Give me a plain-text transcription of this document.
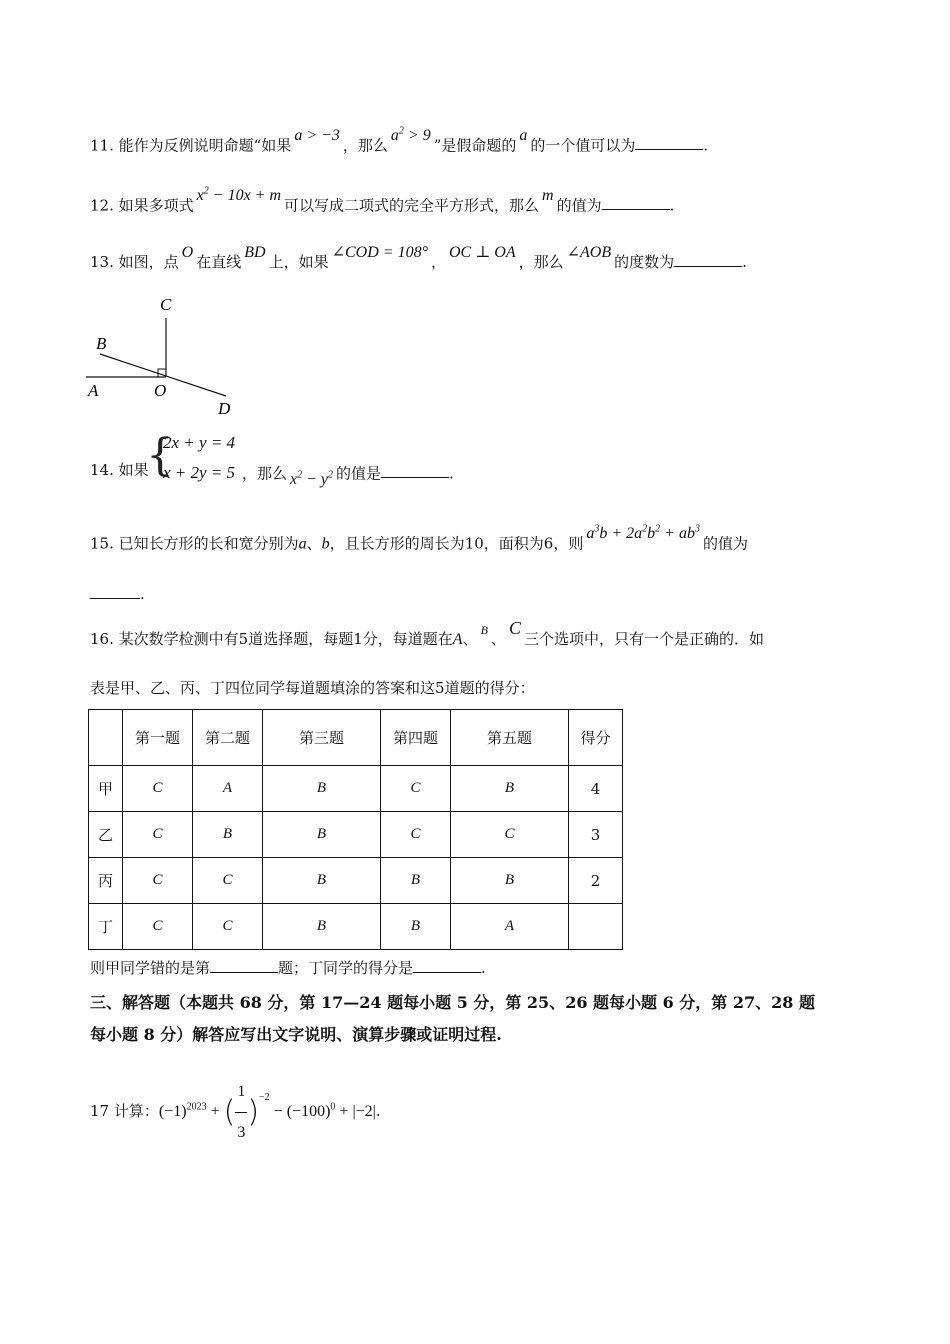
11. 能作为反例说明命题“如果a > −3，那么$a^2 > 9$”是假命题的a的一个值可以为	.
12. 如果多项式$x^2 - 10x + m$可以写成二项式的完全平方形式，那么m的值为	.
13. 如图，点O在直线BD上，如果∠COD = 108°，OC ⊥ OA，那么∠AOB的度数为	.
C
B
A	O
D
{
2x + y = 4
x + 2y = 5
14. 如果	，那么 $x^2 - y^2$ 的值是	.
15. 已知长方形的长和宽分别为a、b，且长方形的周长为10，面积为6，则$a^3b + 2a^2b^2 + ab^3$的值为
.
16. 某次数学检测中有5道选择题，每题1分，每道题在A、 $^B$ 、C三个选项中，只有一个是正确的．如
表是甲、乙、丙、丁四位同学每道题填涂的答案和这5道题的得分：
	第一题	第二题	第三题	第四题	第五题	得分
甲	C	A	B	C	B	4
乙	C	B	B	C	C	3
丙	C	C	B	B	B	2
丁	C	C	B	B	A	
则甲同学错的是第	题；丁同学的得分是	.
三、解答题（本题共 68 分，第 17—24 题每小题 5 分，第 25、26 题每小题 6 分，第 27、28 题
每小题 8 分）解答应写出文字说明、演算步骤或证明过程.
17 计算：$(-1)^{2023}$ + ( $\frac{1}{3} )^{-2} - (-100)^0 + |-2|$.
